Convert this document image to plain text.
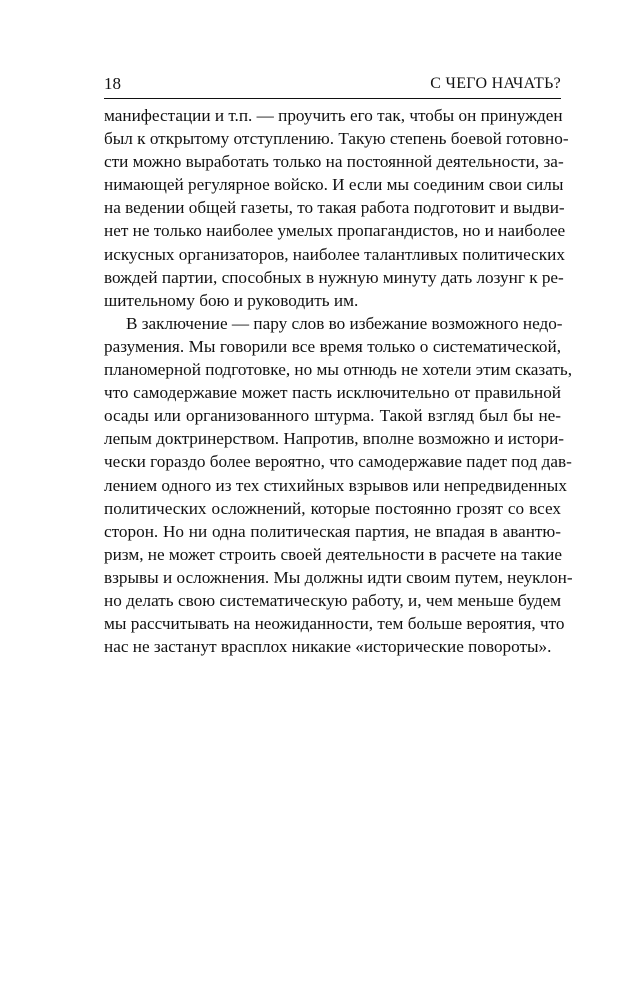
18	С ЧЕГО НАЧАТЬ?
манифестации и т.п. — проучить его так, чтобы он принужден
был к открытому отступлению. Такую степень боевой готовно-
сти можно выработать только на постоянной деятельности, за-
нимающей регулярное войско. И если мы соединим свои силы
на ведении общей газеты, то такая работа подготовит и выдви-
нет не только наиболее умелых пропагандистов, но и наиболее
искусных организаторов, наиболее талантливых политических
вождей партии, способных в нужную минуту дать лозунг к ре-
шительному бою и руководить им.
В заключение — пару слов во избежание возможного недо-
разумения. Мы говорили все время только о систематической,
планомерной подготовке, но мы отнюдь не хотели этим сказать,
что самодержавие может пасть исключительно от правильной
осады или организованного штурма. Такой взгляд был бы не-
лепым доктринерством. Напротив, вполне возможно и истори-
чески гораздо более вероятно, что самодержавие падет под дав-
лением одного из тех стихийных взрывов или непредвиденных
политических осложнений, которые постоянно грозят со всех
сторон. Но ни одна политическая партия, не впадая в авантю-
ризм, не может строить своей деятельности в расчете на такие
взрывы и осложнения. Мы должны идти своим путем, неуклон-
но делать свою систематическую работу, и, чем меньше будем
мы рассчитывать на неожиданности, тем больше вероятия, что
нас не застанут врасплох никакие «исторические повороты».
